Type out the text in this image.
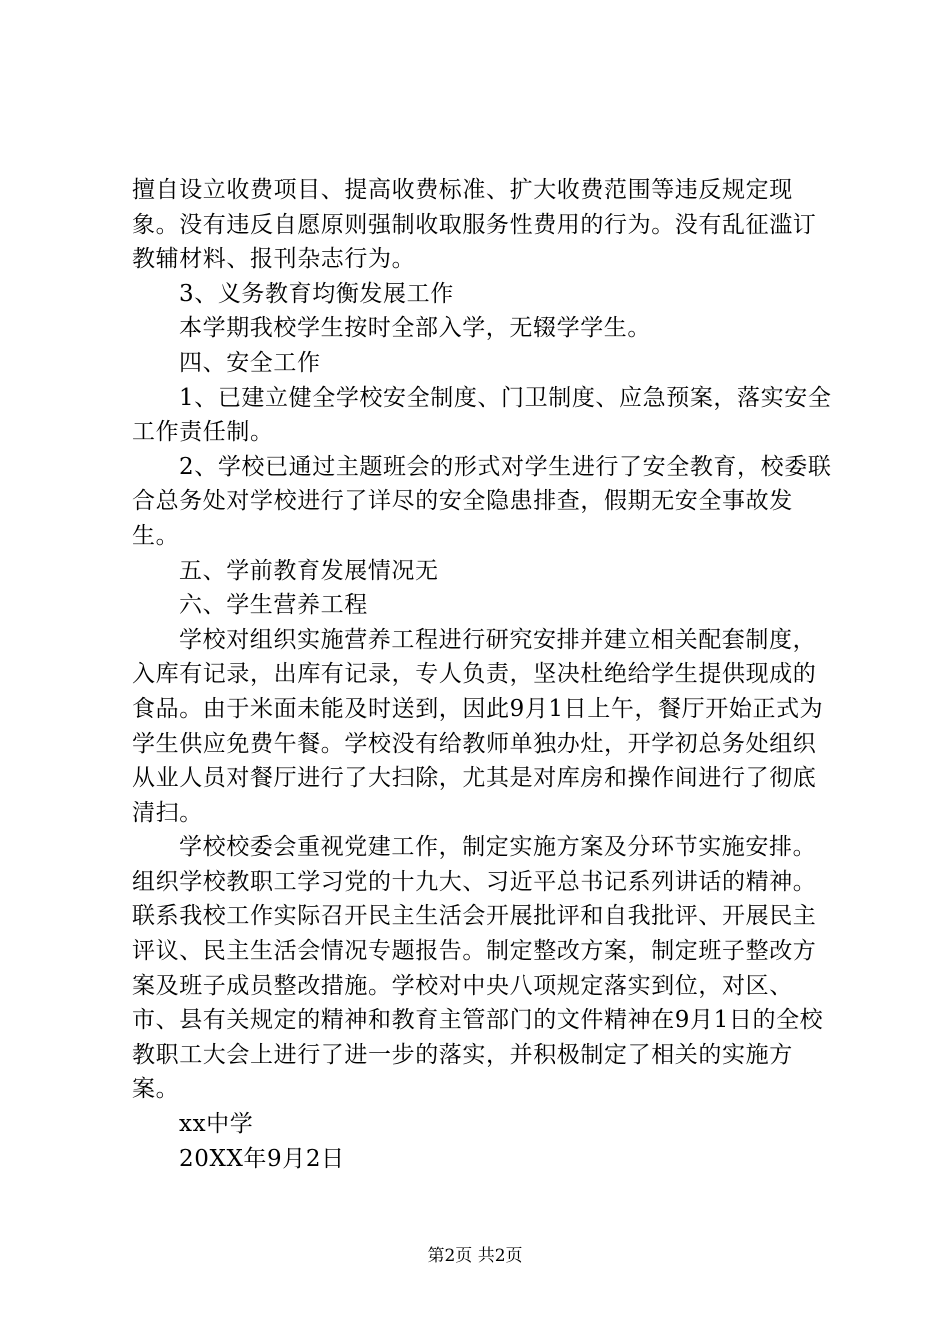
擅自设立收费项目、提高收费标准、扩大收费范围等违反规定现象。没有违反自愿原则强制收取服务性费用的行为。没有乱征滥订教辅材料、报刊杂志行为。

3、义务教育均衡发展工作

本学期我校学生按时全部入学，无辍学学生。

四、安全工作

1、已建立健全学校安全制度、门卫制度、应急预案，落实安全工作责任制。

2、学校已通过主题班会的形式对学生进行了安全教育，校委联合总务处对学校进行了详尽的安全隐患排查，假期无安全事故发生。

五、学前教育发展情况无

六、学生营养工程

学校对组织实施营养工程进行研究安排并建立相关配套制度，入库有记录，出库有记录，专人负责，坚决杜绝给学生提供现成的食品。由于米面未能及时送到，因此9月1日上午，餐厅开始正式为学生供应免费午餐。学校没有给教师单独办灶，开学初总务处组织从业人员对餐厅进行了大扫除，尤其是对库房和操作间进行了彻底清扫。

学校校委会重视党建工作，制定实施方案及分环节实施安排。组织学校教职工学习党的十九大、习近平总书记系列讲话的精神。联系我校工作实际召开民主生活会开展批评和自我批评、开展民主评议、民主生活会情况专题报告。制定整改方案，制定班子整改方案及班子成员整改措施。学校对中央八项规定落实到位，对区、市、县有关规定的精神和教育主管部门的文件精神在9月1日的全校教职工大会上进行了进一步的落实，并积极制定了相关的实施方案。

xx中学

20XX年9月2日

第2页 共2页
